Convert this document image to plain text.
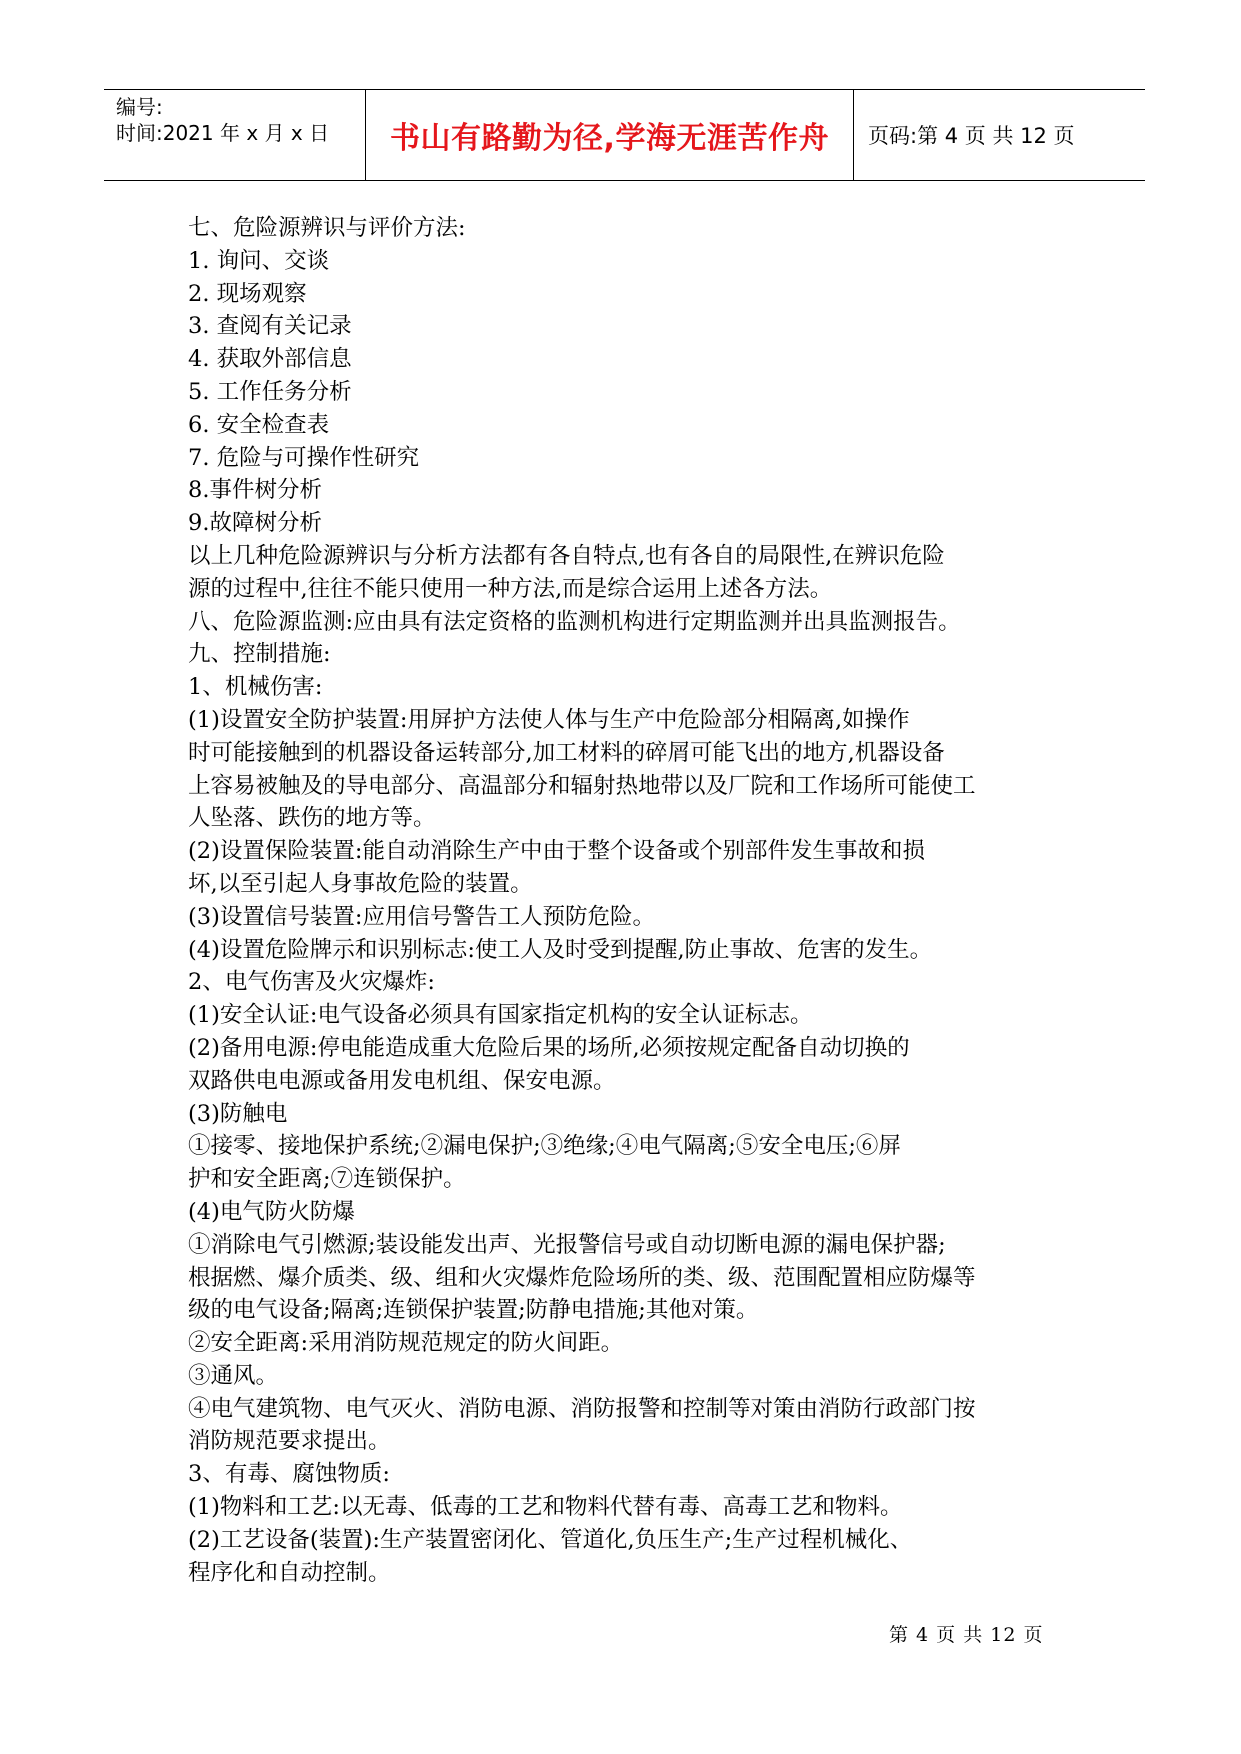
编号:
时间:2021 年 x 月 x 日	书山有路勤为径,学海无涯苦作舟	页码:第 4 页 共 12 页

七、危险源辨识与评价方法:

1. 询问、交谈

2. 现场观察

3. 查阅有关记录

4. 获取外部信息

5. 工作任务分析

6. 安全检查表

7. 危险与可操作性研究

8.事件树分析

9.故障树分析

以上几种危险源辨识与分析方法都有各自特点,也有各自的局限性,在辨识危险

源的过程中,往往不能只使用一种方法,而是综合运用上述各方法。

八、危险源监测:应由具有法定资格的监测机构进行定期监测并出具监测报告。

九、控制措施:

1、机械伤害:

(1)设置安全防护装置:用屏护方法使人体与生产中危险部分相隔离,如操作

时可能接触到的机器设备运转部分,加工材料的碎屑可能飞出的地方,机器设备

上容易被触及的导电部分、高温部分和辐射热地带以及厂院和工作场所可能使工

人坠落、跌伤的地方等。

(2)设置保险装置:能自动消除生产中由于整个设备或个别部件发生事故和损

坏,以至引起人身事故危险的装置。

(3)设置信号装置:应用信号警告工人预防危险。

(4)设置危险牌示和识别标志:使工人及时受到提醒,防止事故、危害的发生。

2、电气伤害及火灾爆炸:

(1)安全认证:电气设备必须具有国家指定机构的安全认证标志。

(2)备用电源:停电能造成重大危险后果的场所,必须按规定配备自动切换的

双路供电电源或备用发电机组、保安电源。

(3)防触电

①接零、接地保护系统;②漏电保护;③绝缘;④电气隔离;⑤安全电压;⑥屏

护和安全距离;⑦连锁保护。

(4)电气防火防爆

①消除电气引燃源;装设能发出声、光报警信号或自动切断电源的漏电保护器;

根据燃、爆介质类、级、组和火灾爆炸危险场所的类、级、范围配置相应防爆等

级的电气设备;隔离;连锁保护装置;防静电措施;其他对策。

②安全距离:采用消防规范规定的防火间距。

③通风。

④电气建筑物、电气灭火、消防电源、消防报警和控制等对策由消防行政部门按

消防规范要求提出。

3、有毒、腐蚀物质:

(1)物料和工艺:以无毒、低毒的工艺和物料代替有毒、高毒工艺和物料。

(2)工艺设备(装置):生产装置密闭化、管道化,负压生产;生产过程机械化、

程序化和自动控制。

第 4 页 共 12 页
